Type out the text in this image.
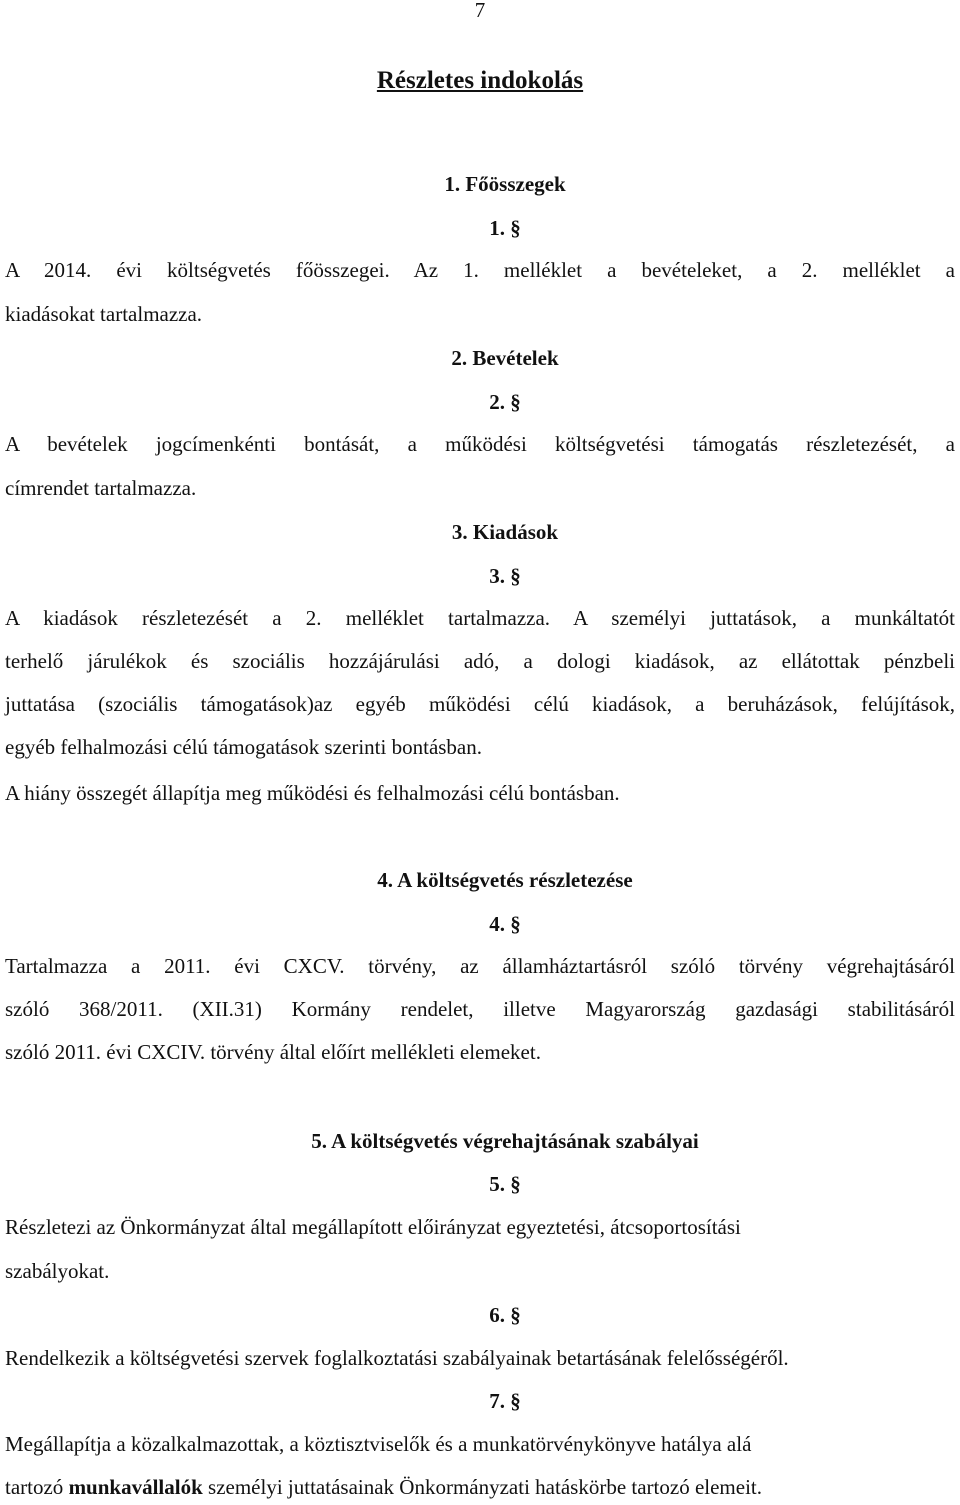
7
Részletes indokolás
1. Főösszegek
1. §
A 2014. évi költségvetés főösszegei. Az 1. melléklet a bevételeket, a 2. melléklet a
kiadásokat tartalmazza.
2. Bevételek
2. §
A bevételek jogcímenkénti bontását, a működési költségvetési támogatás részletezését, a
címrendet tartalmazza.
3. Kiadások
3. §
A kiadások részletezését a 2. melléklet tartalmazza. A személyi juttatások, a munkáltatót
terhelő járulékok és szociális hozzájárulási adó, a dologi kiadások, az ellátottak pénzbeli
juttatása (szociális támogatások)az egyéb működési célú kiadások, a beruházások, felújítások,
egyéb felhalmozási célú támogatások szerinti bontásban.
A hiány összegét állapítja meg működési és felhalmozási célú bontásban.
4. A költségvetés részletezése
4. §
Tartalmazza a 2011. évi CXCV. törvény, az államháztartásról szóló törvény végrehajtásáról
szóló 368/2011. (XII.31) Kormány rendelet, illetve Magyarország gazdasági stabilitásáról
szóló 2011. évi CXCIV. törvény által előírt mellékleti elemeket.
5. A költségvetés végrehajtásának szabályai
5. §
Részletezi az Önkormányzat által megállapított előirányzat egyeztetési, átcsoportosítási
szabályokat.
6. §
Rendelkezik a költségvetési szervek foglalkoztatási szabályainak betartásának felelősségéről.
7. §
Megállapítja a közalkalmazottak, a köztisztviselők és a munkatörvénykönyve hatálya alá
tartozó munkavállalók személyi juttatásainak Önkormányzati hatáskörbe tartozó elemeit.
